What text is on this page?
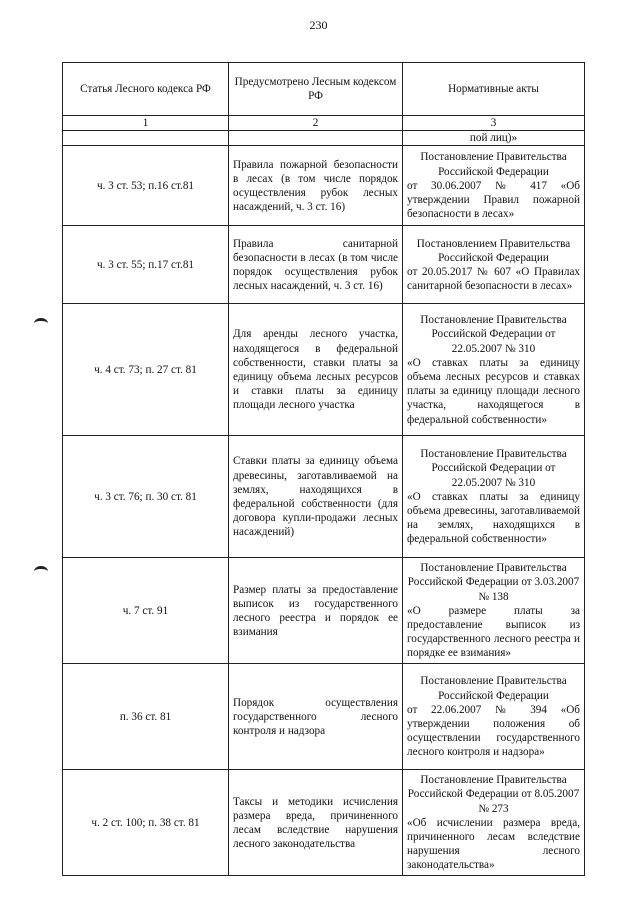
230
Статья Лесного кодекса РФ	Предусмотрено Лесным кодексом РФ	Нормативные акты
1	2	3
		пой лиц)»
ч. 3 ст. 53; п.16 ст.81	Правила пожарной безопасности в лесах (в том числе порядок осуществления рубок лесных насаждений, ч. 3 ст. 16)	Постановление Правительства Российской Федерации
от 30.06.2007 № 417 «Об утверждении Правил пожарной безопасности в лесах»
ч. 3 ст. 55; п.17 ст.81	Правила санитарной безопасности в лесах (в том числе порядок осуществления рубок лесных насаждений, ч. 3 ст. 16)	Постановлением Правительства Российской Федерации
от 20.05.2017 № 607 «О Правилах санитарной безопасности в лесах»
ч. 4 ст. 73; п. 27 ст. 81	Для аренды лесного участка, находящегося в федеральной собственности, ставки платы за единицу объема лесных ресурсов и ставки платы за единицу площади лесного участка	Постановление Правительства Российской Федерации от 22.05.2007 № 310
«О ставках платы за единицу объема лесных ресурсов и ставках платы за единицу площади лесного участка, находящегося в федеральной собственности»
ч. 3 ст. 76; п. 30 ст. 81	Ставки платы за единицу объема древесины, заготавливаемой на землях, находящихся в федеральной собственности (для договора купли-продажи лесных насаждений)	Постановление Правительства Российской Федерации от 22.05.2007 № 310
«О ставках платы за единицу объема древесины, заготавливаемой на землях, находящихся в федеральной собственности»
ч. 7 ст. 91	Размер платы за предоставление выписок из государственного лесного реестра и порядок ее взимания	Постановление Правительства Российской Федерации от 3.03.2007 № 138
«О размере платы за предоставление выписок из государственного лесного реестра и порядке ее взимания»
п. 36 ст. 81	Порядок осуществления государственного лесного контроля и надзора	Постановление Правительства Российской Федерации
от 22.06.2007 № 394 «Об утверждении положения об осуществлении государственного лесного контроля и надзора»
ч. 2 ст. 100; п. 38 ст. 81	Таксы и методики исчисления размера вреда, причиненного лесам вследствие нарушения лесного законодательства	Постановление Правительства Российской Федерации от 8.05.2007 № 273
«Об исчислении размера вреда, причиненного лесам вследствие нарушения лесного законодательства»
